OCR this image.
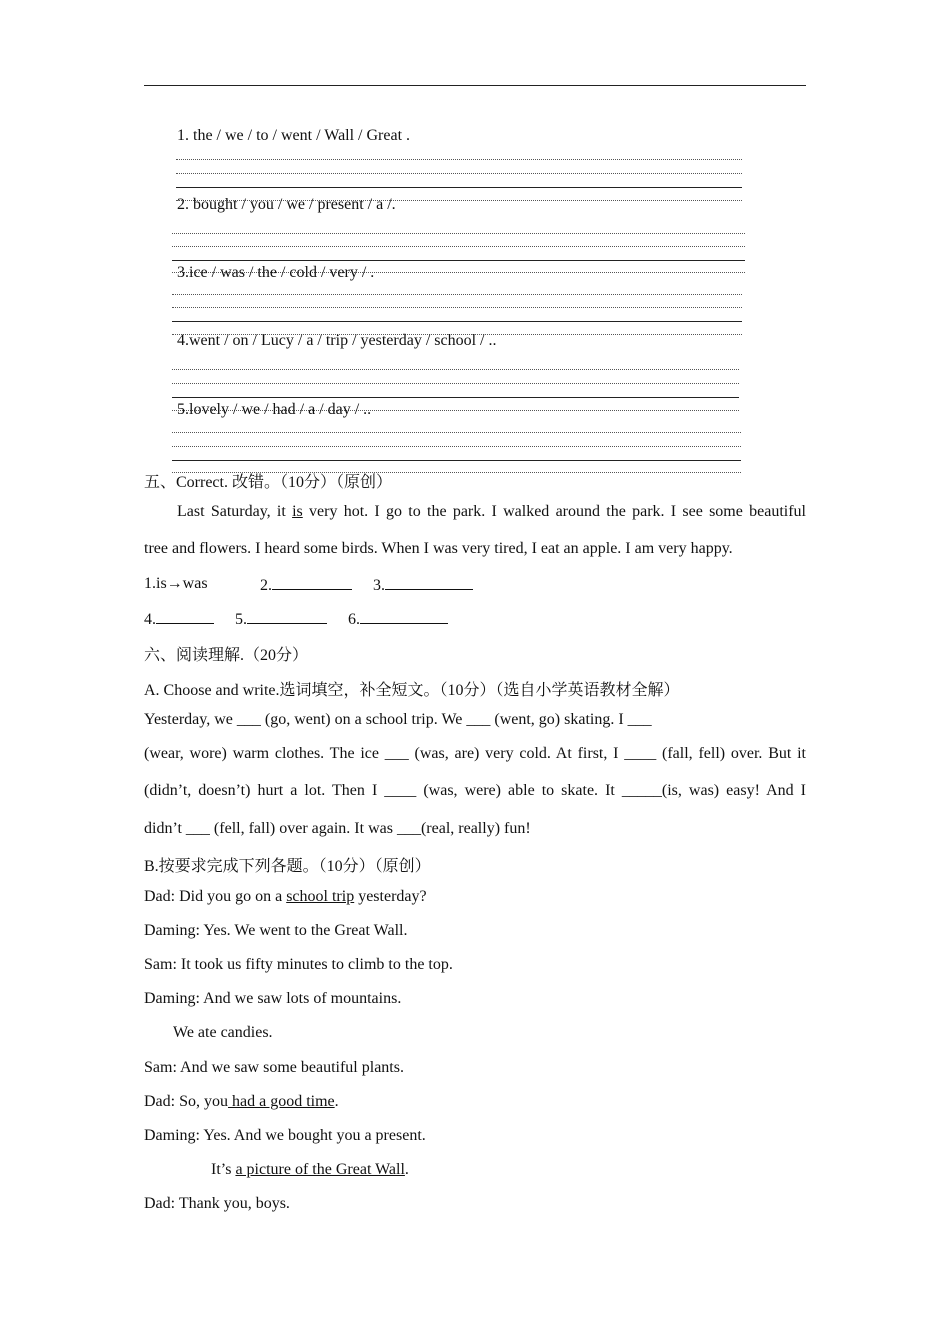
1. the / we / to / went / Wall / Great .
2. bought / you / we / present / a /.
3.ice / was / the / cold / very / .
4.went / on / Lucy / a / trip / yesterday / school / ..
5.lovely / we / had / a / day / ..
五、Correct. 改错。（10分）（原创）
Last Saturday, it is very hot. I go to the park. I walked around the park. I see some beautiful
tree and flowers. I heard some birds. When I was very tired, I eat an apple. I am very happy.
1.is→was	2.	3.
4.	5.	6.
六、阅读理解.（20分）
A. Choose and write.选词填空，补全短文。（10分）（选自小学英语教材全解）
Yesterday, we ___ (go, went) on a school trip. We ___ (went, go) skating. I ___
(wear, wore) warm clothes. The ice ___ (was, are) very cold. At first, I ____ (fall, fell) over. But it
(didn’t, doesn’t) hurt a lot. Then I ____ (was, were) able to skate. It _____(is, was) easy! And I
didn’t ___ (fell, fall) over again. It was ___(real, really) fun!
B.按要求完成下列各题。（10分）（原创）
Dad: Did you go on a school trip yesterday?
Daming: Yes. We went to the Great Wall.
Sam: It took us fifty minutes to climb to the top.
Daming: And we saw lots of mountains.
We ate candies.
Sam: And we saw some beautiful plants.
Dad: So, you had a good time.
Daming: Yes. And we bought you a present.
It’s a picture of the Great Wall.
Dad: Thank you, boys.
